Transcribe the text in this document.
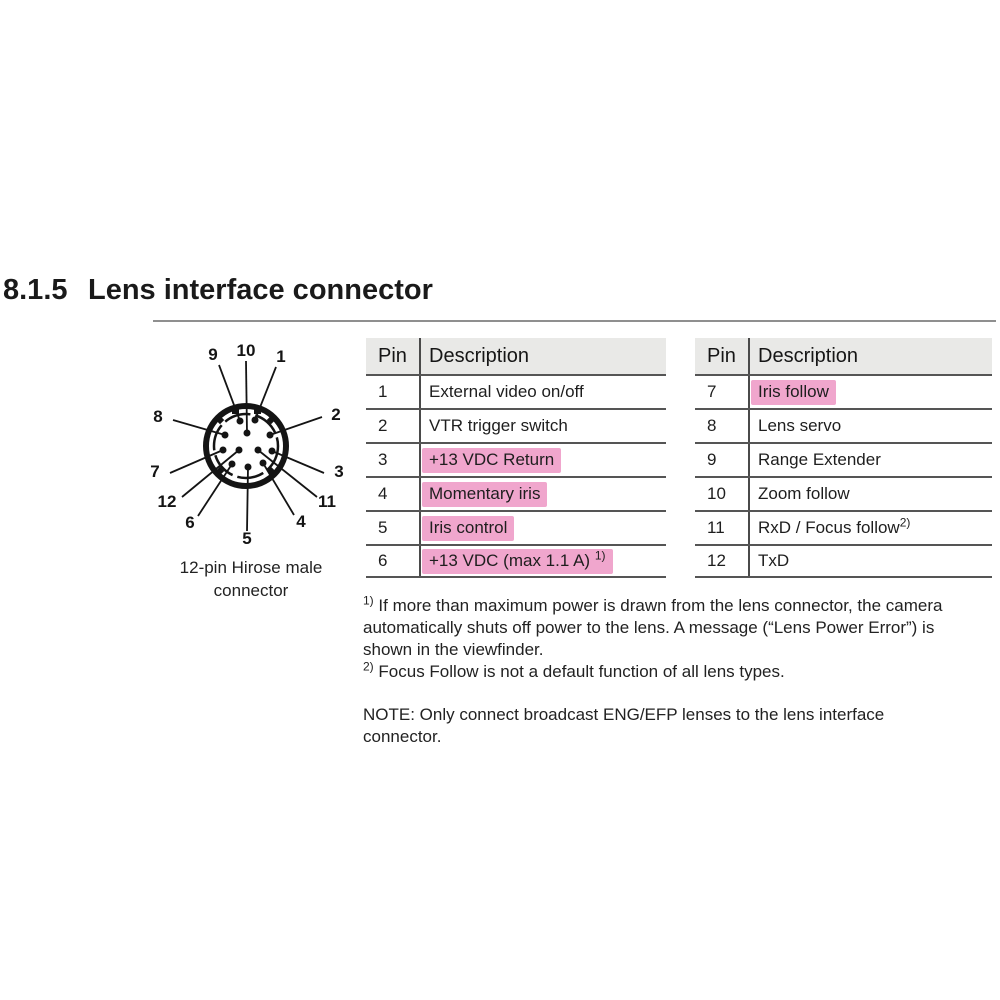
8.1.5 Lens interface connector
9 10 1
8	2
7	3
12	11
6	4
5
12-pin Hirose male
connector
Pin	Description
1	External video on/off
2	VTR trigger switch
3	+13 VDC Return
4	Momentary iris
5	Iris control
6	+13 VDC (max 1.1 A) $^{1)}$
Pin	Description
7	Iris follow
8	Lens servo
9	Range Extender
10	Zoom follow
11	RxD / Focus follow$^{2)}$
12	TxD
$^{1)}$ If more than maximum power is drawn from the lens connector, the camera automatically shuts off power to the lens. A message (“Lens Power Error”) is shown in the viewfinder.
$^{2)}$ Focus Follow is not a default function of all lens types.
NOTE: Only connect broadcast ENG/EFP lenses to the lens interface connector.
